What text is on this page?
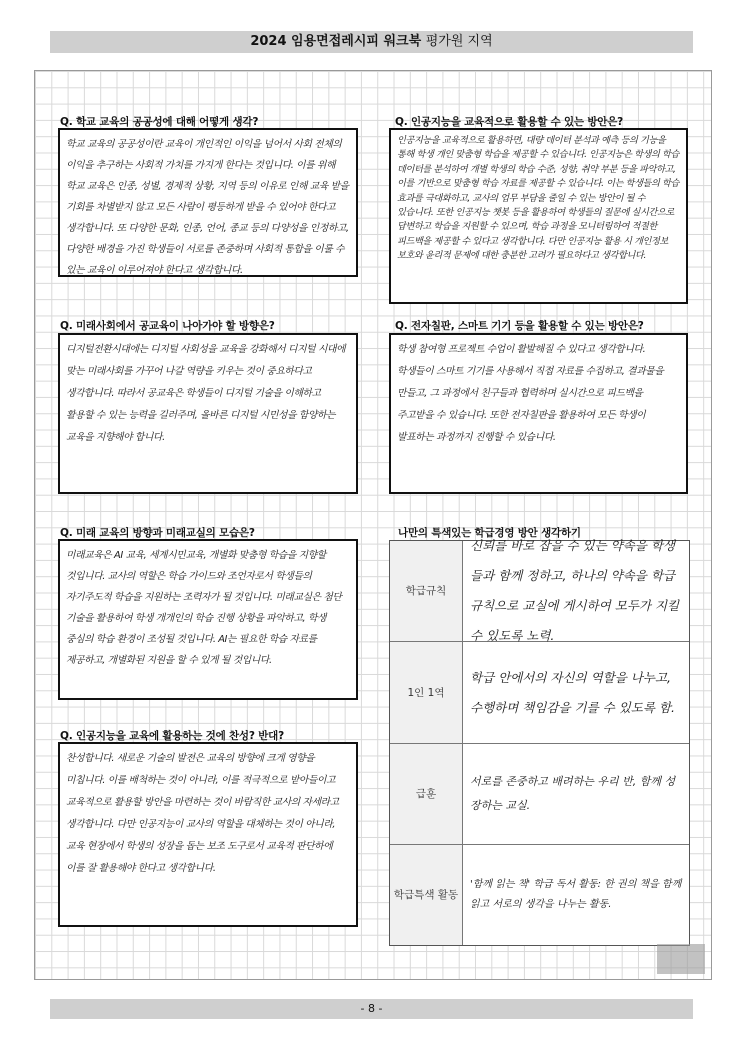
2024 임용면접레시피 워크북 평가원 지역
Q. 학교 교육의 공공성에 대해 어떻게 생각?
학교 교육의 공공성이란 교육이 개인적인 이익을 넘어서 사회 전체의 이익을 추구하는 사회적 가치를 가지게 한다는 것입니다. 이를 위해 학교 교육은 인종, 성별, 경제적 상황, 지역 등의 이유로 인해 교육 받을 기회를 차별받지 않고 모든 사람이 평등하게 받을 수 있어야 한다고 생각합니다. 또 다양한 문화, 인종, 언어, 종교 등의 다양성을 인정하고, 다양한 배경을 가진 학생들이 서로를 존중하며 사회적 통합을 이룰 수 있는 교육이 이루어져야 한다고 생각합니다.
Q. 미래사회에서 공교육이 나아가야 할 방향은?
디지털전환시대에는 디지털 사회성을 교육을 강화해서 디지털 시대에 맞는 미래사회를 가꾸어 나갈 역량을 키우는 것이 중요하다고 생각합니다. 따라서 공교육은 학생들이 디지털 기술을 이해하고 활용할 수 있는 능력을 길러주며, 올바른 디지털 시민성을 함양하는 교육을 지향해야 합니다.
Q. 미래 교육의 방향과 미래교실의 모습은?
미래교육은 AI 교육, 세계시민교육, 개별화 맞춤형 학습을 지향할 것입니다. 교사의 역할은 학습 가이드와 조언자로서 학생들의 자기주도적 학습을 지원하는 조력자가 될 것입니다. 미래교실은 첨단 기술을 활용하여 학생 개개인의 학습 진행 상황을 파악하고, 학생 중심의 학습 환경이 조성될 것입니다. AI는 필요한 학습 자료를 제공하고, 개별화된 지원을 할 수 있게 될 것입니다.
Q. 인공지능을 교육에 활용하는 것에 찬성? 반대?
찬성합니다. 새로운 기술의 발전은 교육의 방향에 크게 영향을 미칩니다. 이를 배척하는 것이 아니라, 이를 적극적으로 받아들이고 교육적으로 활용할 방안을 마련하는 것이 바람직한 교사의 자세라고 생각합니다. 다만 인공지능이 교사의 역할을 대체하는 것이 아니라, 교육 현장에서 학생의 성장을 돕는 보조 도구로서 교육적 판단하에 이를 잘 활용해야 한다고 생각합니다.
Q. 인공지능을 교육적으로 활용할 수 있는 방안은?
인공지능을 교육적으로 활용하면, 대량 데이터 분석과 예측 등의 기능을 통해 학생 개인 맞춤형 학습을 제공할 수 있습니다. 인공지능은 학생의 학습 데이터를 분석하여 개별 학생의 학습 수준, 성향, 취약 부분 등을 파악하고, 이를 기반으로 맞춤형 학습 자료를 제공할 수 있습니다. 이는 학생들의 학습 효과를 극대화하고, 교사의 업무 부담을 줄일 수 있는 방안이 될 수 있습니다. 또한 인공지능 챗봇 등을 활용하여 학생들의 질문에 실시간으로 답변하고 학습을 지원할 수 있으며, 학습 과정을 모니터링하여 적절한 피드백을 제공할 수 있다고 생각합니다. 다만 인공지능 활용 시 개인정보 보호와 윤리적 문제에 대한 충분한 고려가 필요하다고 생각합니다.
Q. 전자칠판, 스마트 기기 등을 활용할 수 있는 방안은?
학생 참여형 프로젝트 수업이 활발해질 수 있다고 생각합니다. 학생들이 스마트 기기를 사용해서 직접 자료를 수집하고, 결과물을 만들고, 그 과정에서 친구들과 협력하며 실시간으로 피드백을 주고받을 수 있습니다. 또한 전자칠판을 활용하여 모든 학생이 발표하는 과정까지 진행할 수 있습니다.
나만의 특색있는 학급경영 방안 생각하기
학급규칙
신뢰를 바로 잡을 수 있는 약속을 학생들과 함께 정하고, 하나의 약속을 학급 규칙으로 교실에 게시하여 모두가 지킬 수 있도록 노력.
1인 1역
학급 안에서의 자신의 역할을 나누고, 수행하며 책임감을 기를 수 있도록 함.
급훈
서로를 존중하고 배려하는 우리 반, 함께 성장하는 교실.
학급특색 활동
'함께 읽는 책' 학급 독서 활동: 한 권의 책을 함께 읽고 서로의 생각을 나누는 활동.
- 8 -
